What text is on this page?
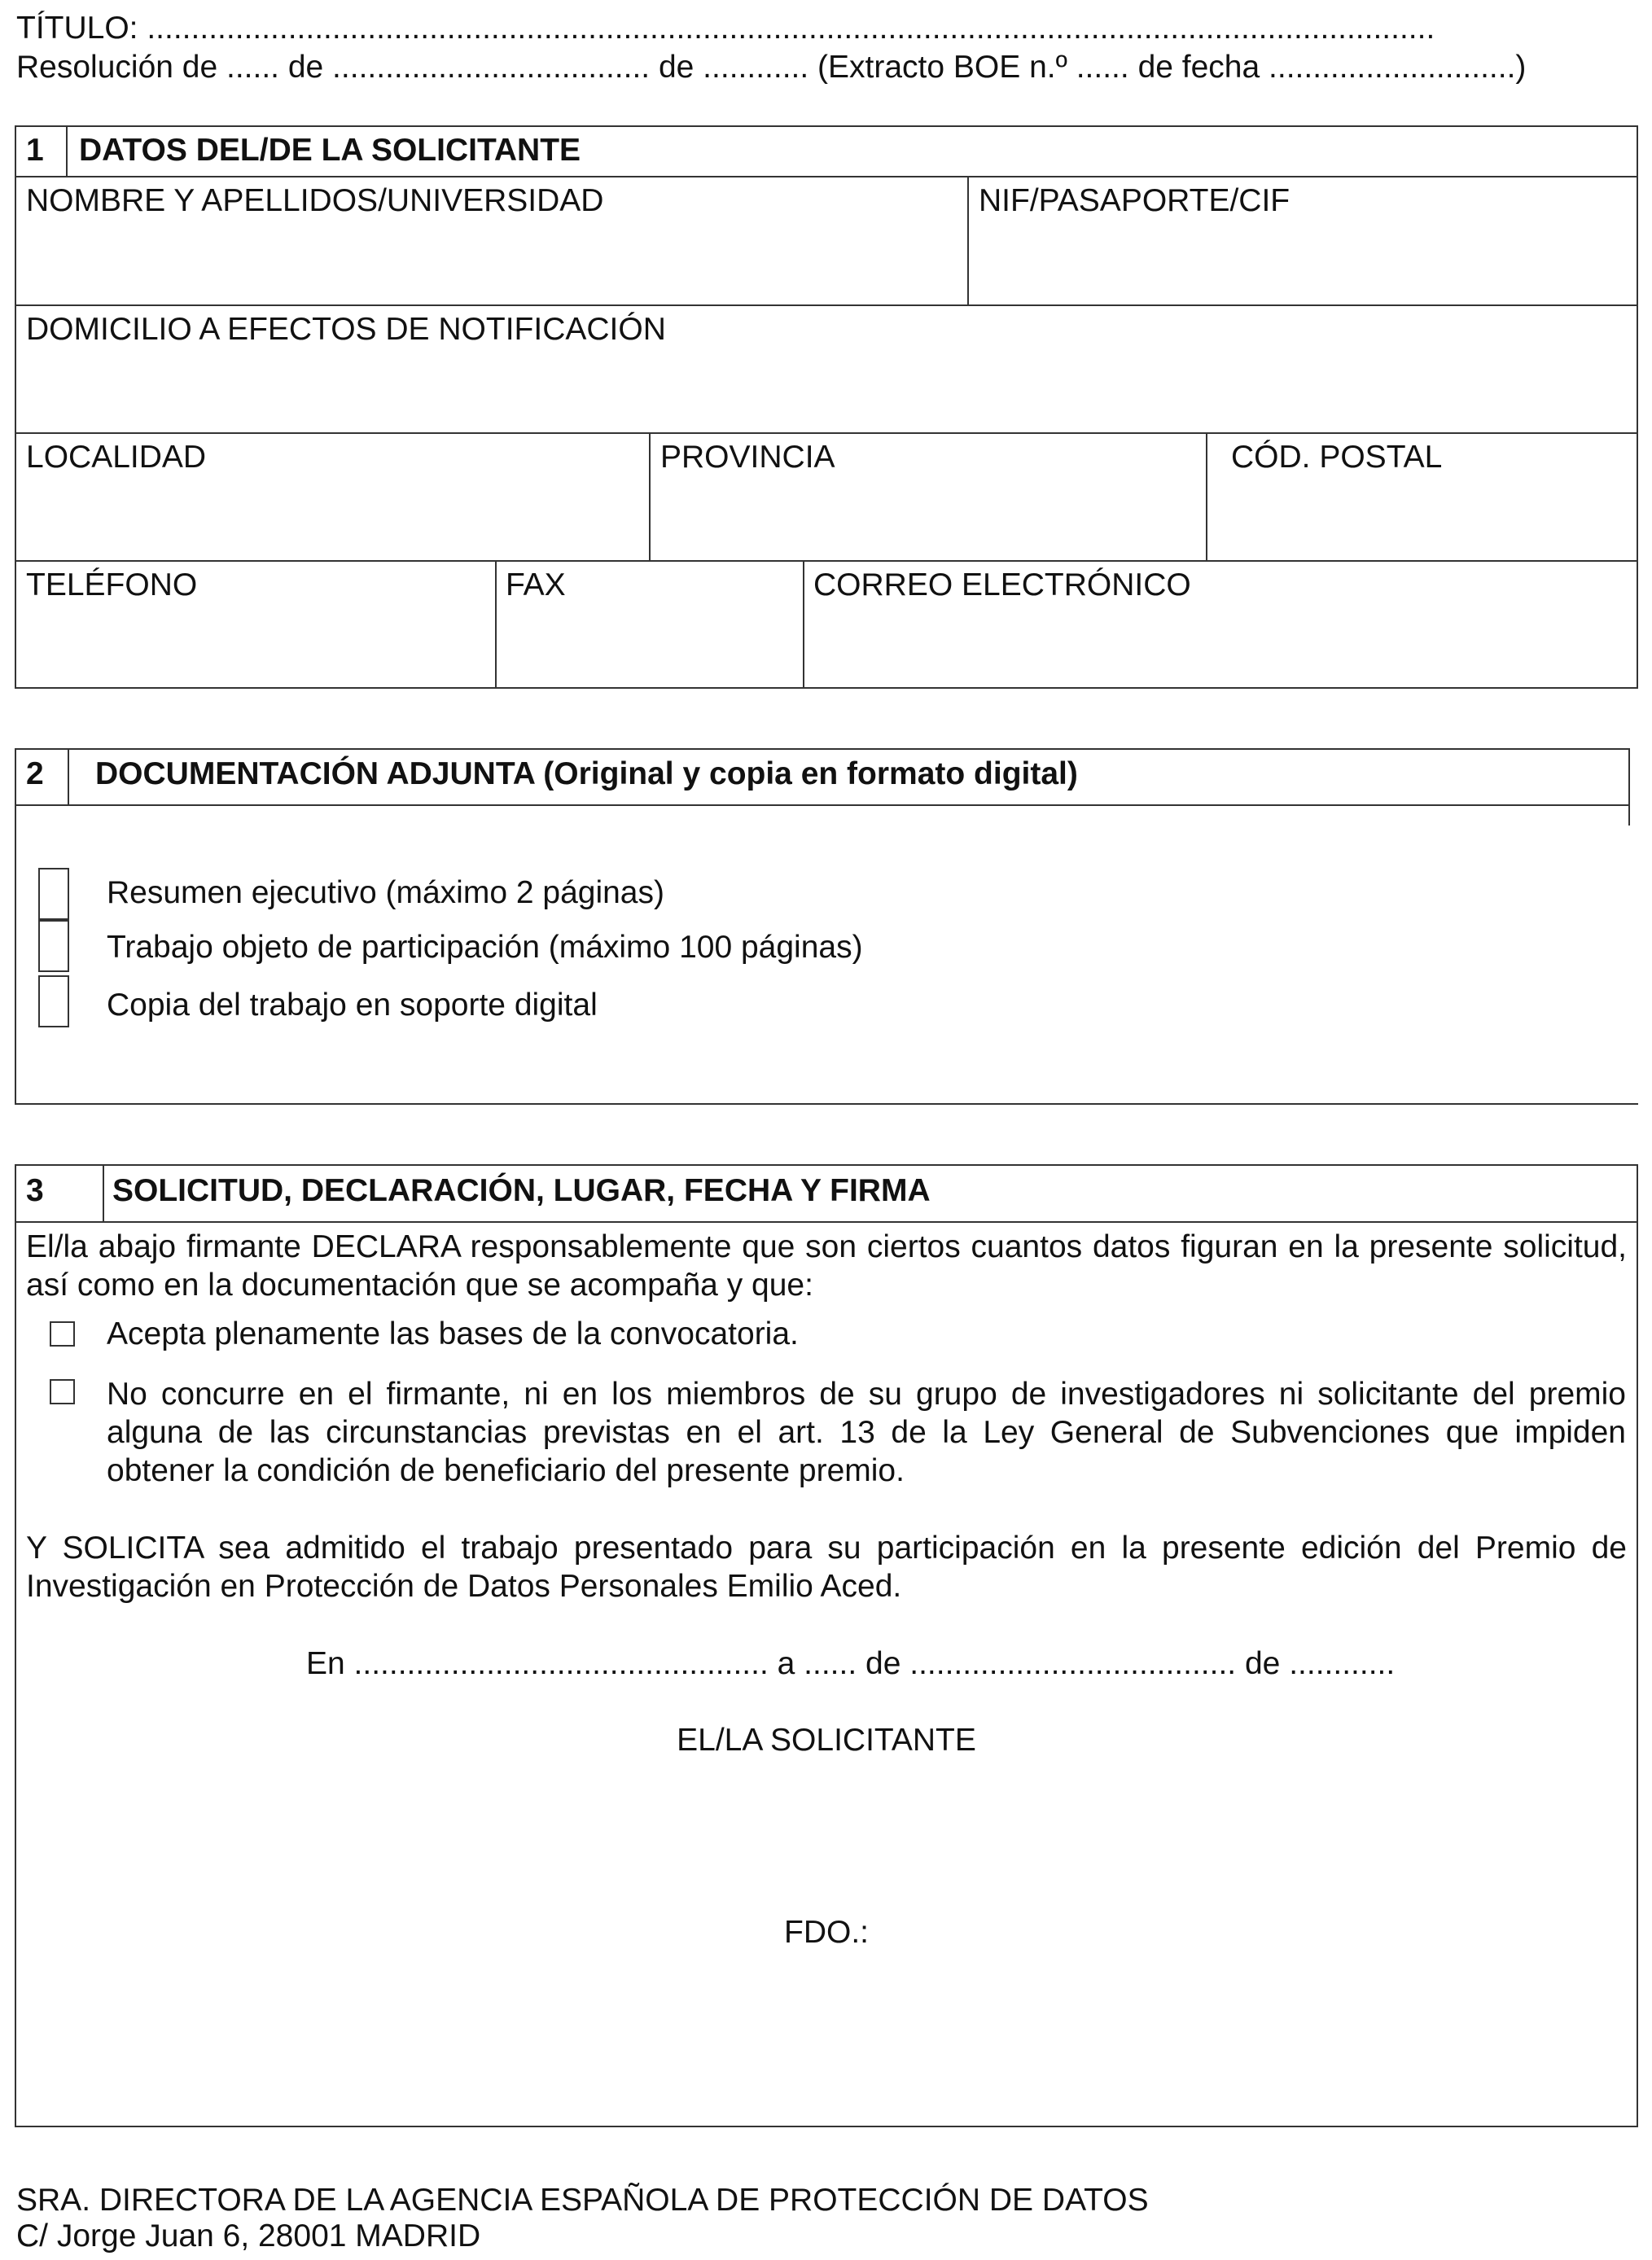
TÍTULO: ..................................................................................................................................................
Resolución de ...... de .................................... de ............ (Extracto BOE n.º ...... de fecha ............................)
1 DATOS DEL/DE LA SOLICITANTE
NOMBRE Y APELLIDOS/UNIVERSIDAD	NIF/PASAPORTE/CIF
DOMICILIO A EFECTOS DE NOTIFICACIÓN
LOCALIDAD	PROVINCIA	CÓD. POSTAL
TELÉFONO	FAX	CORREO ELECTRÓNICO
2 DOCUMENTACIÓN ADJUNTA (Original y copia en formato digital)
Resumen ejecutivo (máximo 2 páginas)
Trabajo objeto de participación (máximo 100 páginas)
Copia del trabajo en soporte digital
3 SOLICITUD, DECLARACIÓN, LUGAR, FECHA Y FIRMA
El/la abajo firmante DECLARA responsablemente que son ciertos cuantos datos figuran en la presente solicitud, así como en la documentación que se acompaña y que:
Acepta plenamente las bases de la convocatoria.
No concurre en el firmante, ni en los miembros de su grupo de investigadores ni solicitante del premio alguna de las circunstancias previstas en el art. 13 de la Ley General de Subvenciones que impiden obtener la condición de beneficiario del presente premio.
Y SOLICITA sea admitido el trabajo presentado para su participación en la presente edición del Premio de Investigación en Protección de Datos Personales Emilio Aced.
En ............................................... a ...... de ..................................... de ............
EL/LA SOLICITANTE
FDO.:
SRA. DIRECTORA DE LA AGENCIA ESPAÑOLA DE PROTECCIÓN DE DATOS
C/ Jorge Juan 6, 28001 MADRID
